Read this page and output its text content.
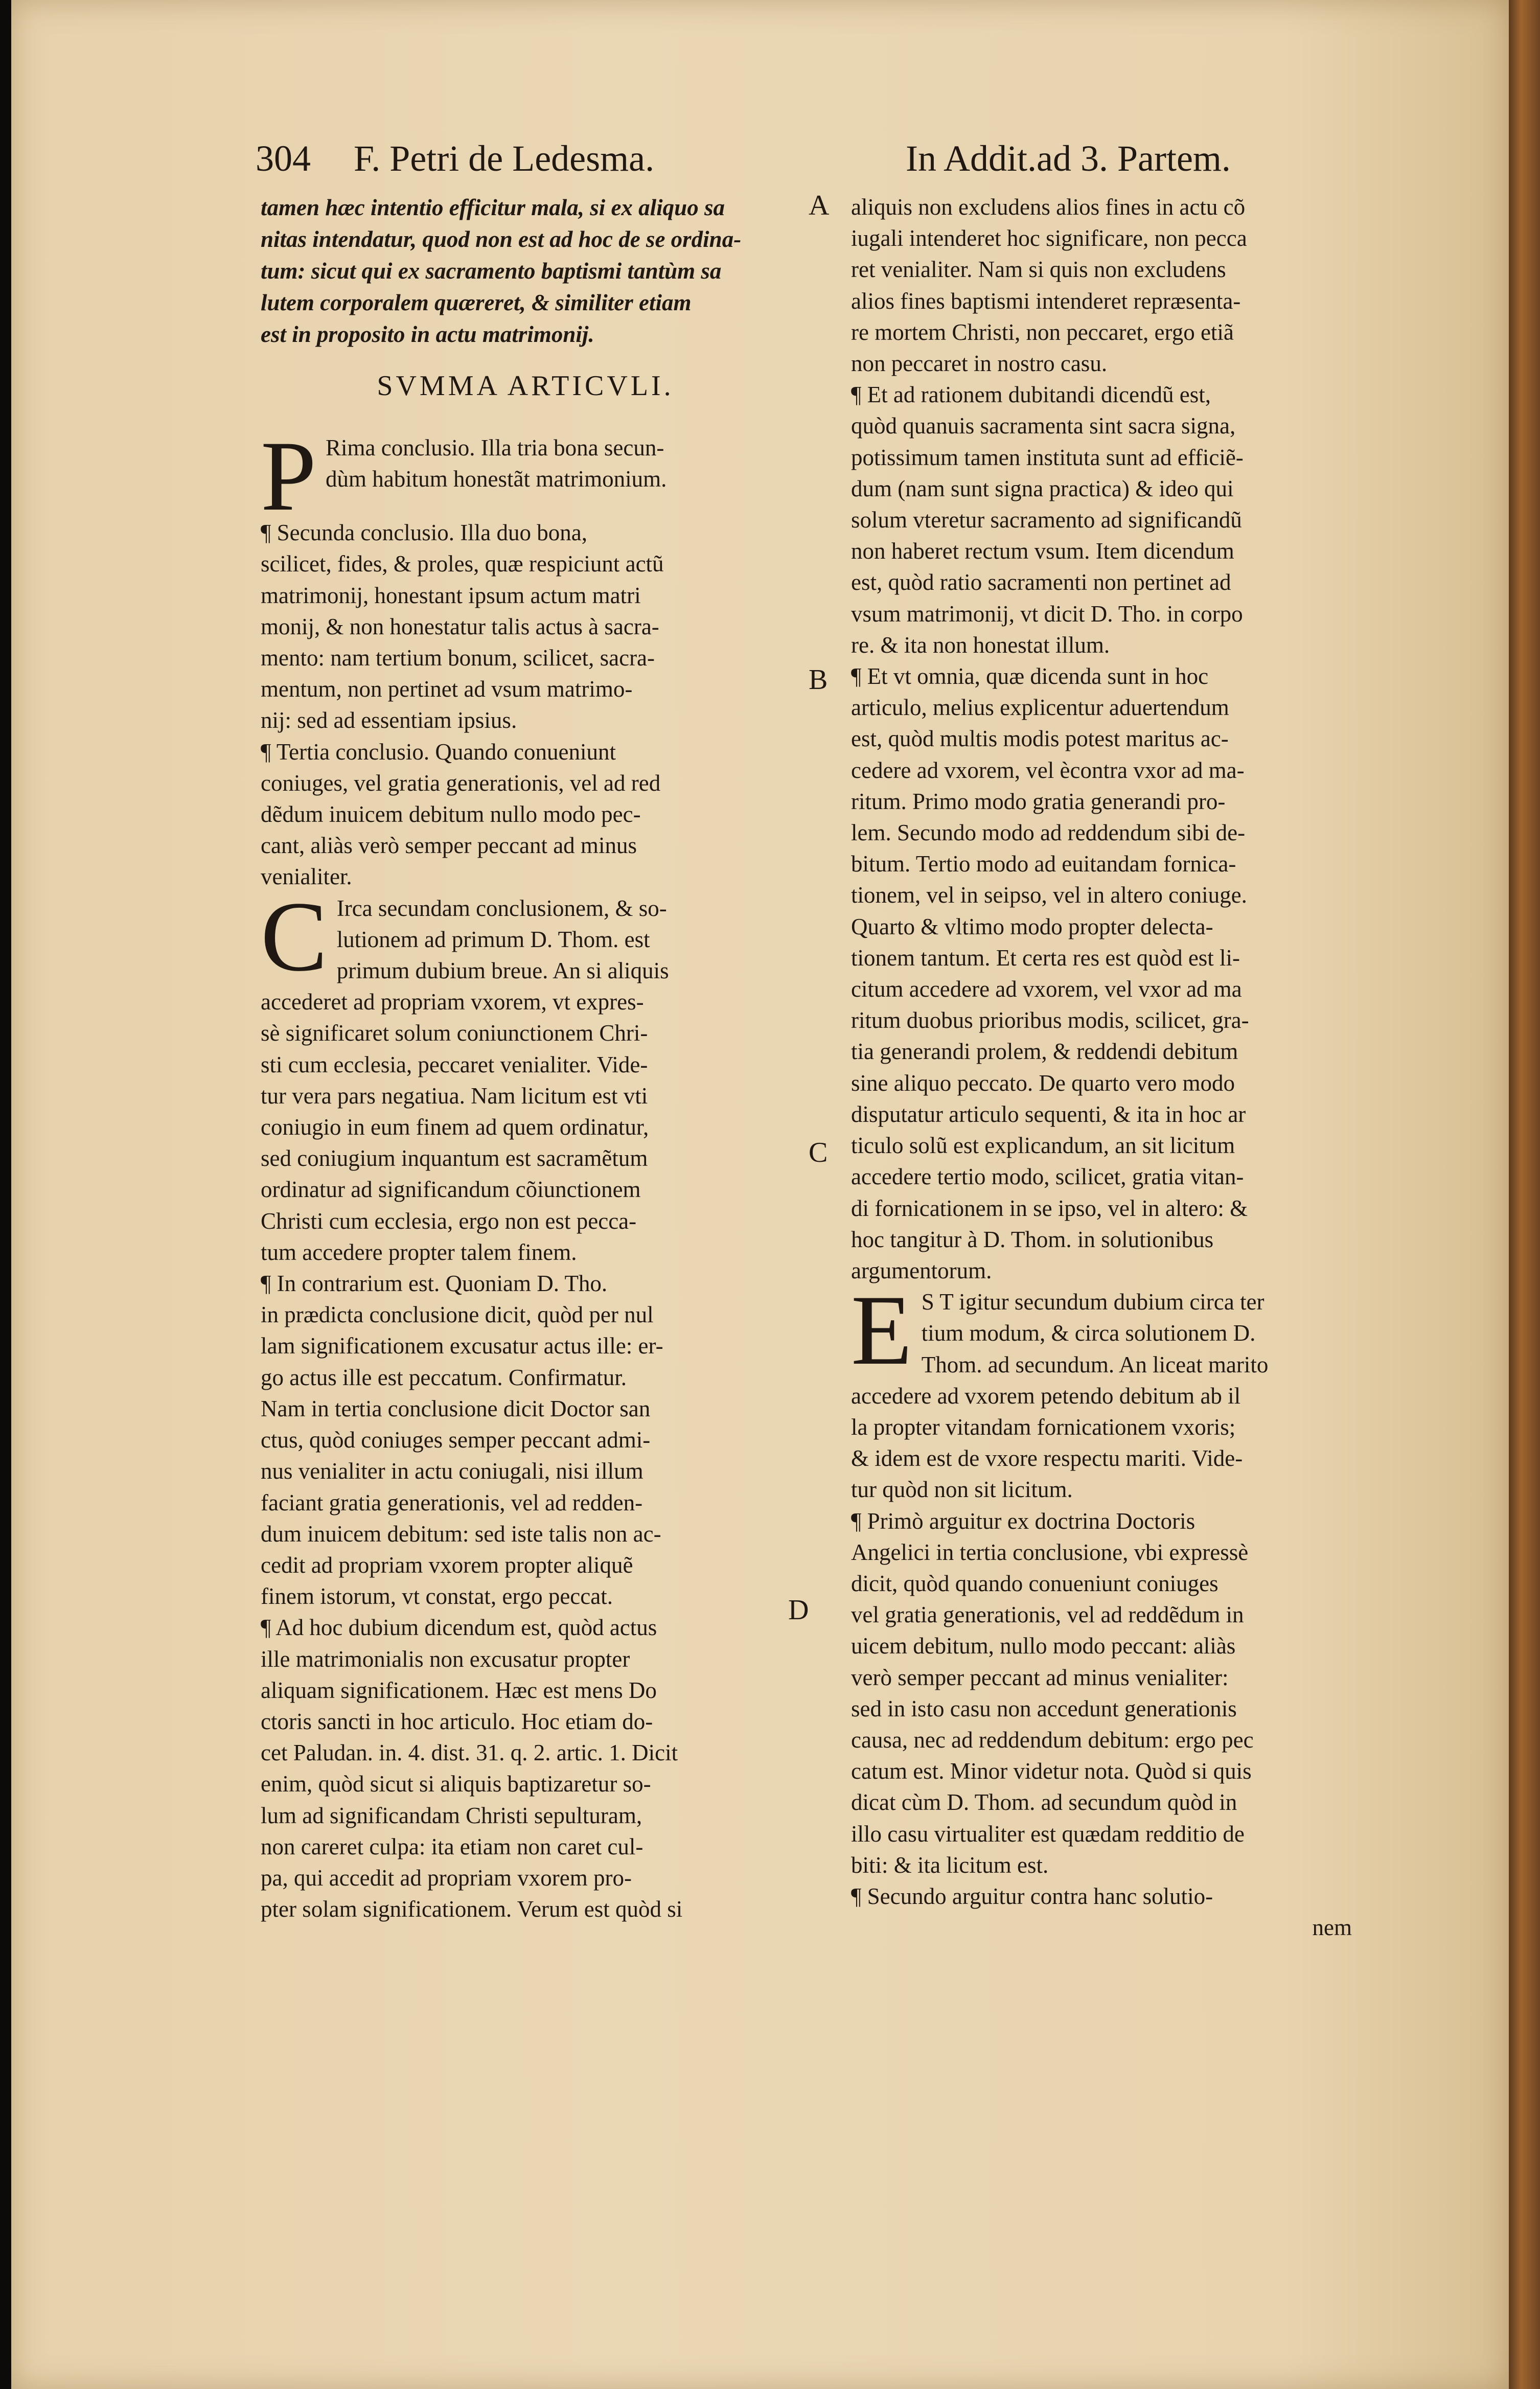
304	F. Petri de Ledesma.	In Addit.ad 3. Partem.
A
B
C
D

tamen hæc intentio efficitur mala, si ex aliquo sa

nitas intendatur, quod non est ad hoc de se ordina-

tum: sicut qui ex sacramento baptismi tantùm sa

lutem corporalem quæreret, & similiter etiam

est in proposito in actu matrimonij.

SVMMA ARTICVLI.

P Rima conclusio. Illa tria bona secun-

dùm habitum honestãt matrimonium.

¶ Secunda conclusio. Illa duo bona,

scilicet, fides, & proles, quæ respiciunt actũ

matrimonij, honestant ipsum actum matri

monij, & non honestatur talis actus à sacra-

mento: nam tertium bonum, scilicet, sacra-

mentum, non pertinet ad vsum matrimo-

nij: sed ad essentiam ipsius.

¶ Tertia conclusio. Quando conueniunt

coniuges, vel gratia generationis, vel ad red

dẽdum inuicem debitum nullo modo pec-

cant, aliàs verò semper peccant ad minus

venialiter.

C Irca secundam conclusionem, & so-

lutionem ad primum D. Thom. est

primum dubium breue. An si aliquis

accederet ad propriam vxorem, vt expres-

sè significaret solum coniunctionem Chri-

sti cum ecclesia, peccaret venialiter. Vide-

tur vera pars negatiua. Nam licitum est vti

coniugio in eum finem ad quem ordinatur,

sed coniugium inquantum est sacramẽtum

ordinatur ad significandum cõiunctionem

Christi cum ecclesia, ergo non est pecca-

tum accedere propter talem finem.

¶ In contrarium est. Quoniam D. Tho.

in prædicta conclusione dicit, quòd per nul

lam significationem excusatur actus ille: er-

go actus ille est peccatum. Confirmatur.

Nam in tertia conclusione dicit Doctor san

ctus, quòd coniuges semper peccant admi-

nus venialiter in actu coniugali, nisi illum

faciant gratia generationis, vel ad redden-

dum inuicem debitum: sed iste talis non ac-

cedit ad propriam vxorem propter aliquẽ

finem istorum, vt constat, ergo peccat.

¶ Ad hoc dubium dicendum est, quòd actus

ille matrimonialis non excusatur propter

aliquam significationem. Hæc est mens Do

ctoris sancti in hoc articulo. Hoc etiam do-

cet Paludan. in. 4. dist. 31. q. 2. artic. 1. Dicit

enim, quòd sicut si aliquis baptizaretur so-

lum ad significandam Christi sepulturam,

non careret culpa: ita etiam non caret cul-

pa, qui accedit ad propriam vxorem pro-

pter solam significationem. Verum est quòd si

aliquis non excludens alios fines in actu cõ

iugali intenderet hoc significare, non pecca

ret venialiter. Nam si quis non excludens

alios fines baptismi intenderet repræsenta-

re mortem Christi, non peccaret, ergo etiã

non peccaret in nostro casu.

¶ Et ad rationem dubitandi dicendũ est,

quòd quanuis sacramenta sint sacra signa,

potissimum tamen instituta sunt ad efficiẽ-

dum (nam sunt signa practica) & ideo qui

solum vteretur sacramento ad significandũ

non haberet rectum vsum. Item dicendum

est, quòd ratio sacramenti non pertinet ad

vsum matrimonij, vt dicit D. Tho. in corpo

re. & ita non honestat illum.

¶ Et vt omnia, quæ dicenda sunt in hoc

articulo, melius explicentur aduertendum

est, quòd multis modis potest maritus ac-

cedere ad vxorem, vel ècontra vxor ad ma-

ritum. Primo modo gratia generandi pro-

lem. Secundo modo ad reddendum sibi de-

bitum. Tertio modo ad euitandam fornica-

tionem, vel in seipso, vel in altero coniuge.

Quarto & vltimo modo propter delecta-

tionem tantum. Et certa res est quòd est li-

citum accedere ad vxorem, vel vxor ad ma

ritum duobus prioribus modis, scilicet, gra-

tia generandi prolem, & reddendi debitum

sine aliquo peccato. De quarto vero modo

disputatur articulo sequenti, & ita in hoc ar

ticulo solũ est explicandum, an sit licitum

accedere tertio modo, scilicet, gratia vitan-

di fornicationem in se ipso, vel in altero: &

hoc tangitur à D. Thom. in solutionibus

argumentorum.

E S T igitur secundum dubium circa ter

tium modum, & circa solutionem D.

Thom. ad secundum. An liceat marito

accedere ad vxorem petendo debitum ab il

la propter vitandam fornicationem vxoris;

& idem est de vxore respectu mariti. Vide-

tur quòd non sit licitum.

¶ Primò arguitur ex doctrina Doctoris

Angelici in tertia conclusione, vbi expressè

dicit, quòd quando conueniunt coniuges

vel gratia generationis, vel ad reddẽdum in

uicem debitum, nullo modo peccant: aliàs

verò semper peccant ad minus venialiter:

sed in isto casu non accedunt generationis

causa, nec ad reddendum debitum: ergo pec

catum est. Minor videtur nota. Quòd si quis

dicat cùm D. Thom. ad secundum quòd in

illo casu virtualiter est quædam redditio de

biti: & ita licitum est.

¶ Secundo arguitur contra hanc solutio-

nem
